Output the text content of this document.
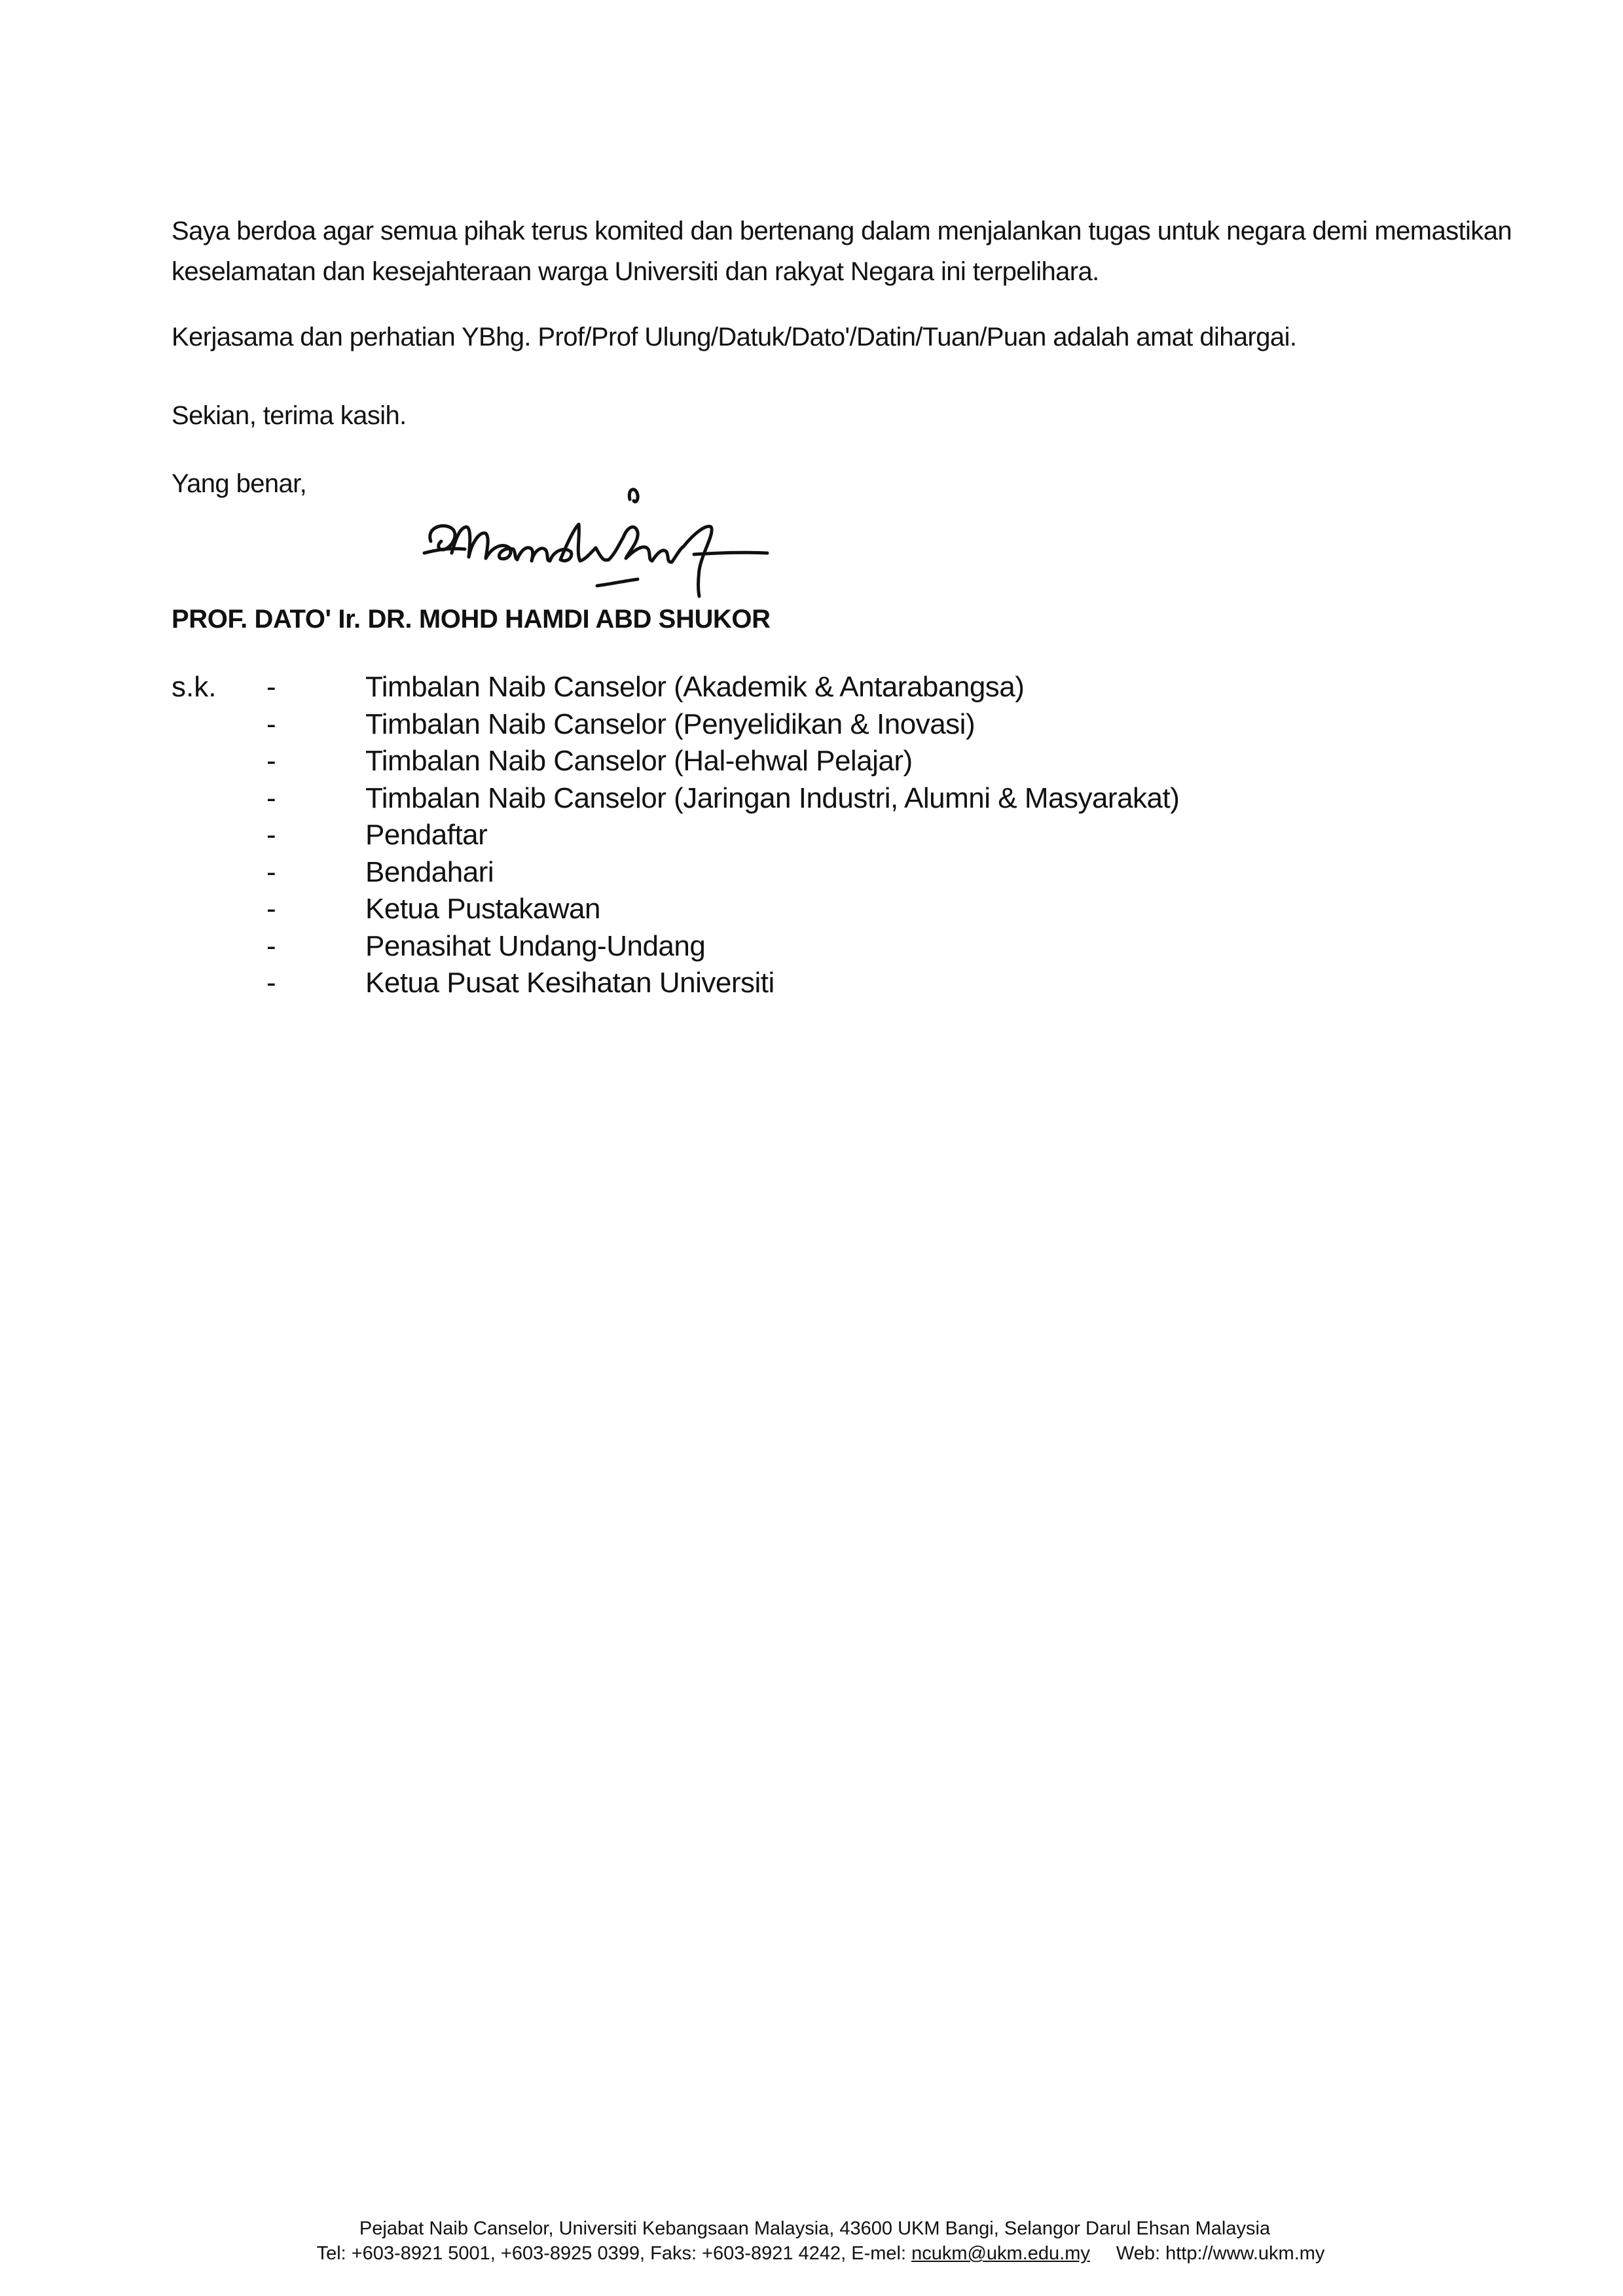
Saya berdoa agar semua pihak terus komited dan bertenang dalam menjalankan tugas untuk negara demi memastikan
keselamatan dan kesejahteraan warga Universiti dan rakyat Negara ini terpelihara.

Kerjasama dan perhatian YBhg. Prof/Prof Ulung/Datuk/Dato'/Datin/Tuan/Puan adalah amat dihargai.

Sekian, terima kasih.

Yang benar,

PROF. DATO' Ir. DR. MOHD HAMDI ABD SHUKOR
s.k. -	Timbalan Naib Canselor (Akademik & Antarabangsa)
-	Timbalan Naib Canselor (Penyelidikan & Inovasi)
-	Timbalan Naib Canselor (Hal-ehwal Pelajar)
-	Timbalan Naib Canselor (Jaringan Industri, Alumni & Masyarakat)
-	Pendaftar
-	Bendahari
-	Ketua Pustakawan
-	Penasihat Undang-Undang
-	Ketua Pusat Kesihatan Universiti
Pejabat Naib Canselor, Universiti Kebangsaan Malaysia, 43600 UKM Bangi, Selangor Darul Ehsan Malaysia
Tel: +603-8921 5001, +603-8925 0399, Faks: +603-8921 4242, E-mel: ncukm@ukm.edu.my Web: http://www.ukm.my
